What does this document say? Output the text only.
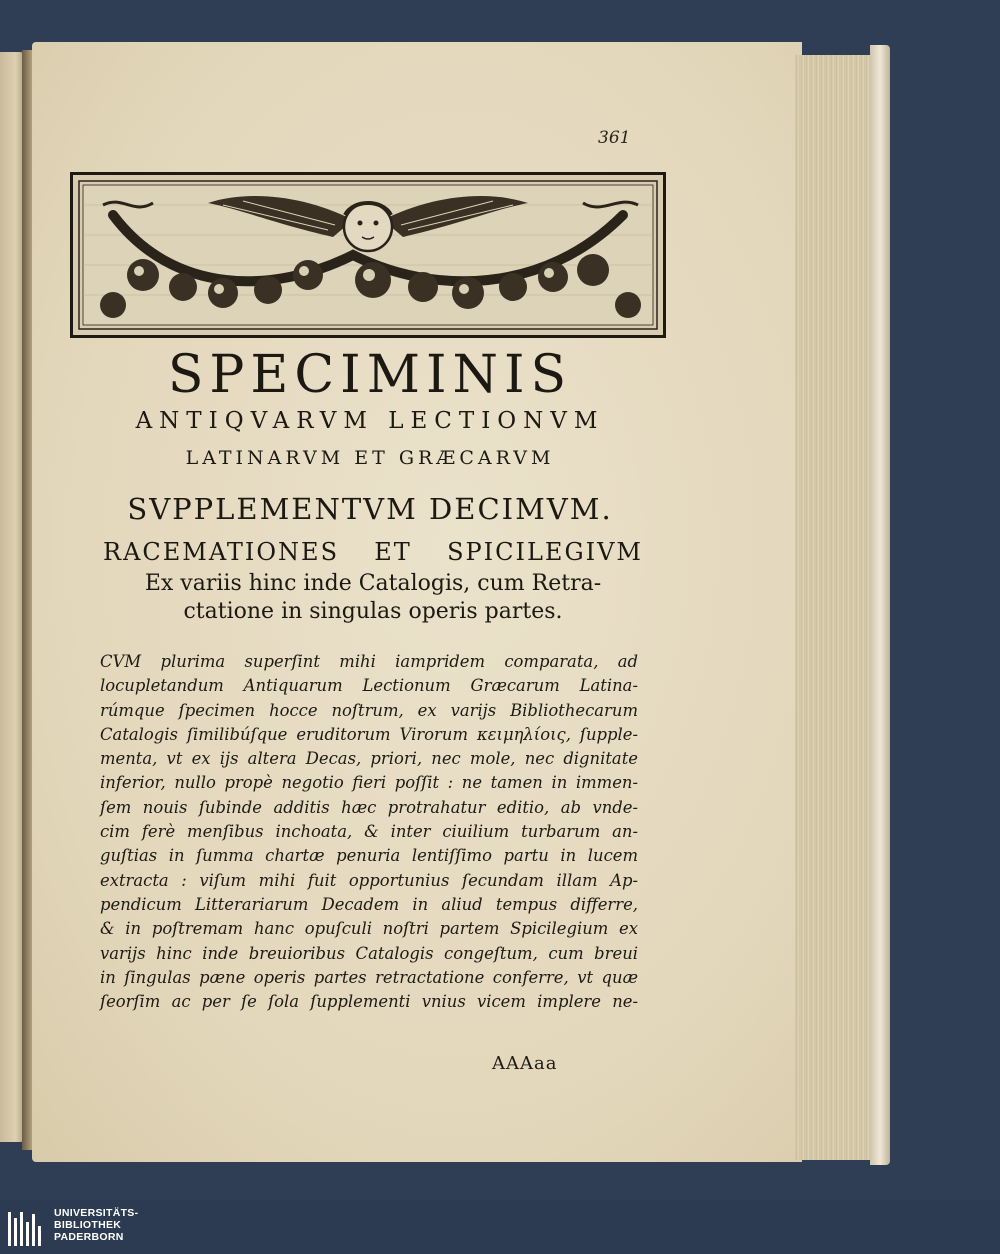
361
SPECIMINIS
ANTIQVARVM LECTIONVM
LATINARVM ET GRÆCARVM
SVPPLEMENTVM DECIMVM.
RACEMATIONES ET SPICILEGIVM
Ex variis hinc inde Catalogis, cum Retra-
ctatione in singulas operis partes.
CVM plurima superſint mihi iampridem comparata, ad
locupletandum Antiquarum Lectionum Græcarum Latina-
rúmque ſpecimen hocce noſtrum, ex varijs Bibliothecarum
Catalogis ſimilibúſque eruditorum Virorum κειμηλίοις, ſupple-
menta, vt ex ijs altera Decas, priori, nec mole, nec dignitate
inferior, nullo propè negotio fieri poſſit : ne tamen in immen-
ſem nouis ſubinde additis hæc protrahatur editio, ab vnde-
cim ferè menſibus inchoata, & inter ciuilium turbarum an-
guſtias in ſumma chartæ penuria lentiſſimo partu in lucem
extracta : viſum mihi fuit opportunius ſecundam illam Ap-
pendicum Litterariarum Decadem in aliud tempus differre,
& in poſtremam hanc opuſculi noſtri partem Spicilegium ex
varijs hinc inde breuioribus Catalogis congeſtum, cum breui
in ſingulas pæne operis partes retractatione conferre, vt quæ
ſeorſim ac per ſe ſola ſupplementi vnius vicem implere ne-
AAAaa
UNIVERSITÄTS-
BIBLIOTHEK
PADERBORN
